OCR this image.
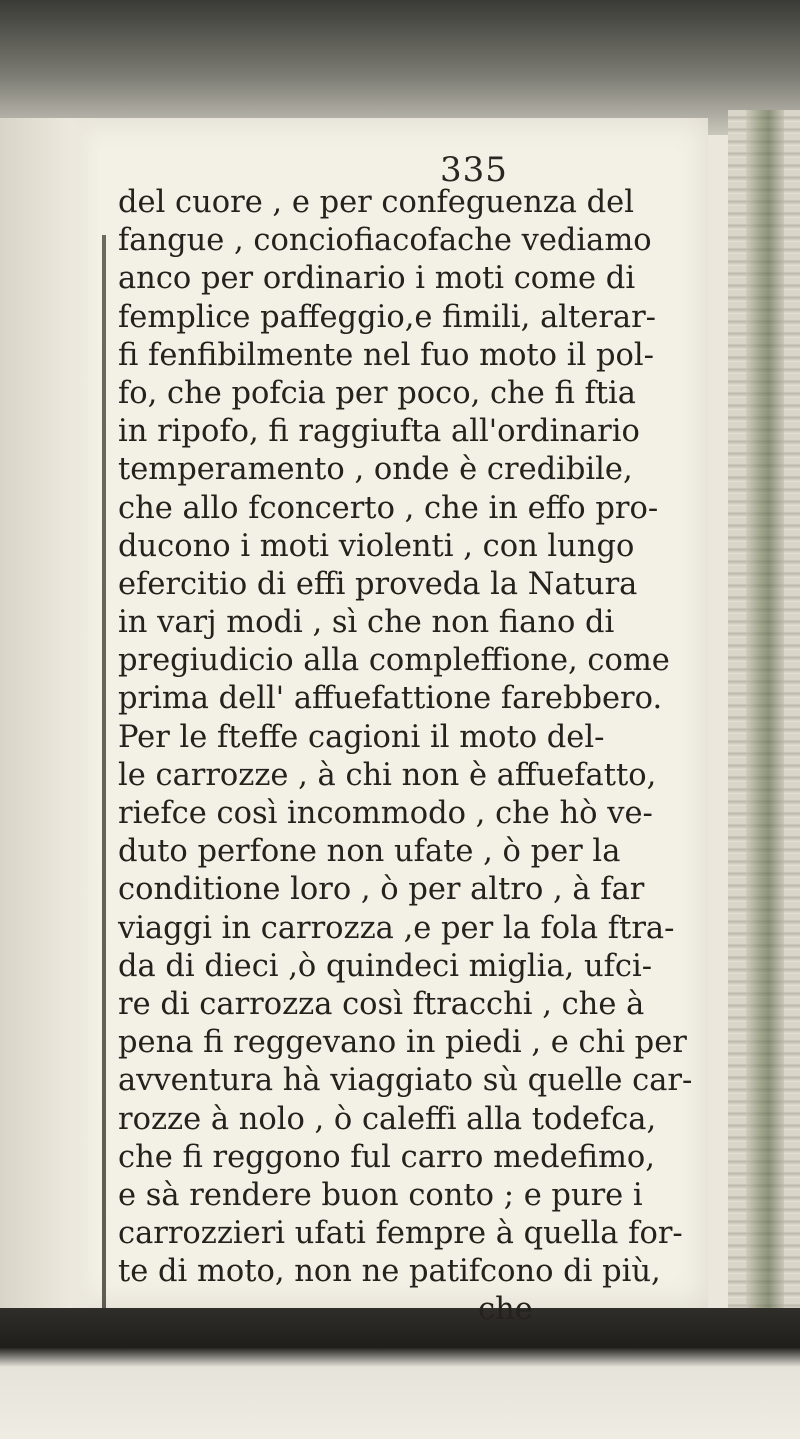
335
del cuore , e per confeguenza del
fangue , conciofiacofache vediamo
anco per ordinario i moti come di
femplice paffeggio,e fimili, alterar-
fi fenfibilmente nel fuo moto il pol-
fo, che pofcia per poco, che fi ftia
in ripofo, fi raggiufta all'ordinario
temperamento , onde è credibile,
che allo fconcerto , che in effo pro-
ducono i moti violenti , con lungo
efercitio di effi proveda la Natura
in varj modi , sì che non fiano di
pregiudicio alla compleffione, come
prima dell' affuefattione farebbero.
Per le fteffe cagioni il moto del-
le carrozze , à chi non è affuefatto,
riefce così incommodo , che hò ve-
duto perfone non ufate , ò per la
conditione loro , ò per altro , à far
viaggi in carrozza ,e per la fola ftra-
da di dieci ,ò quindeci miglia, ufci-
re di carrozza così ftracchi , che à
pena fi reggevano in piedi , e chi per
avventura hà viaggiato sù quelle car-
rozze à nolo , ò caleffi alla todefca,
che fi reggono ful carro medefimo,
e sà rendere buon conto ; e pure i
carrozzieri ufati fempre à quella for-
te di moto, non ne patifcono di più,
che
